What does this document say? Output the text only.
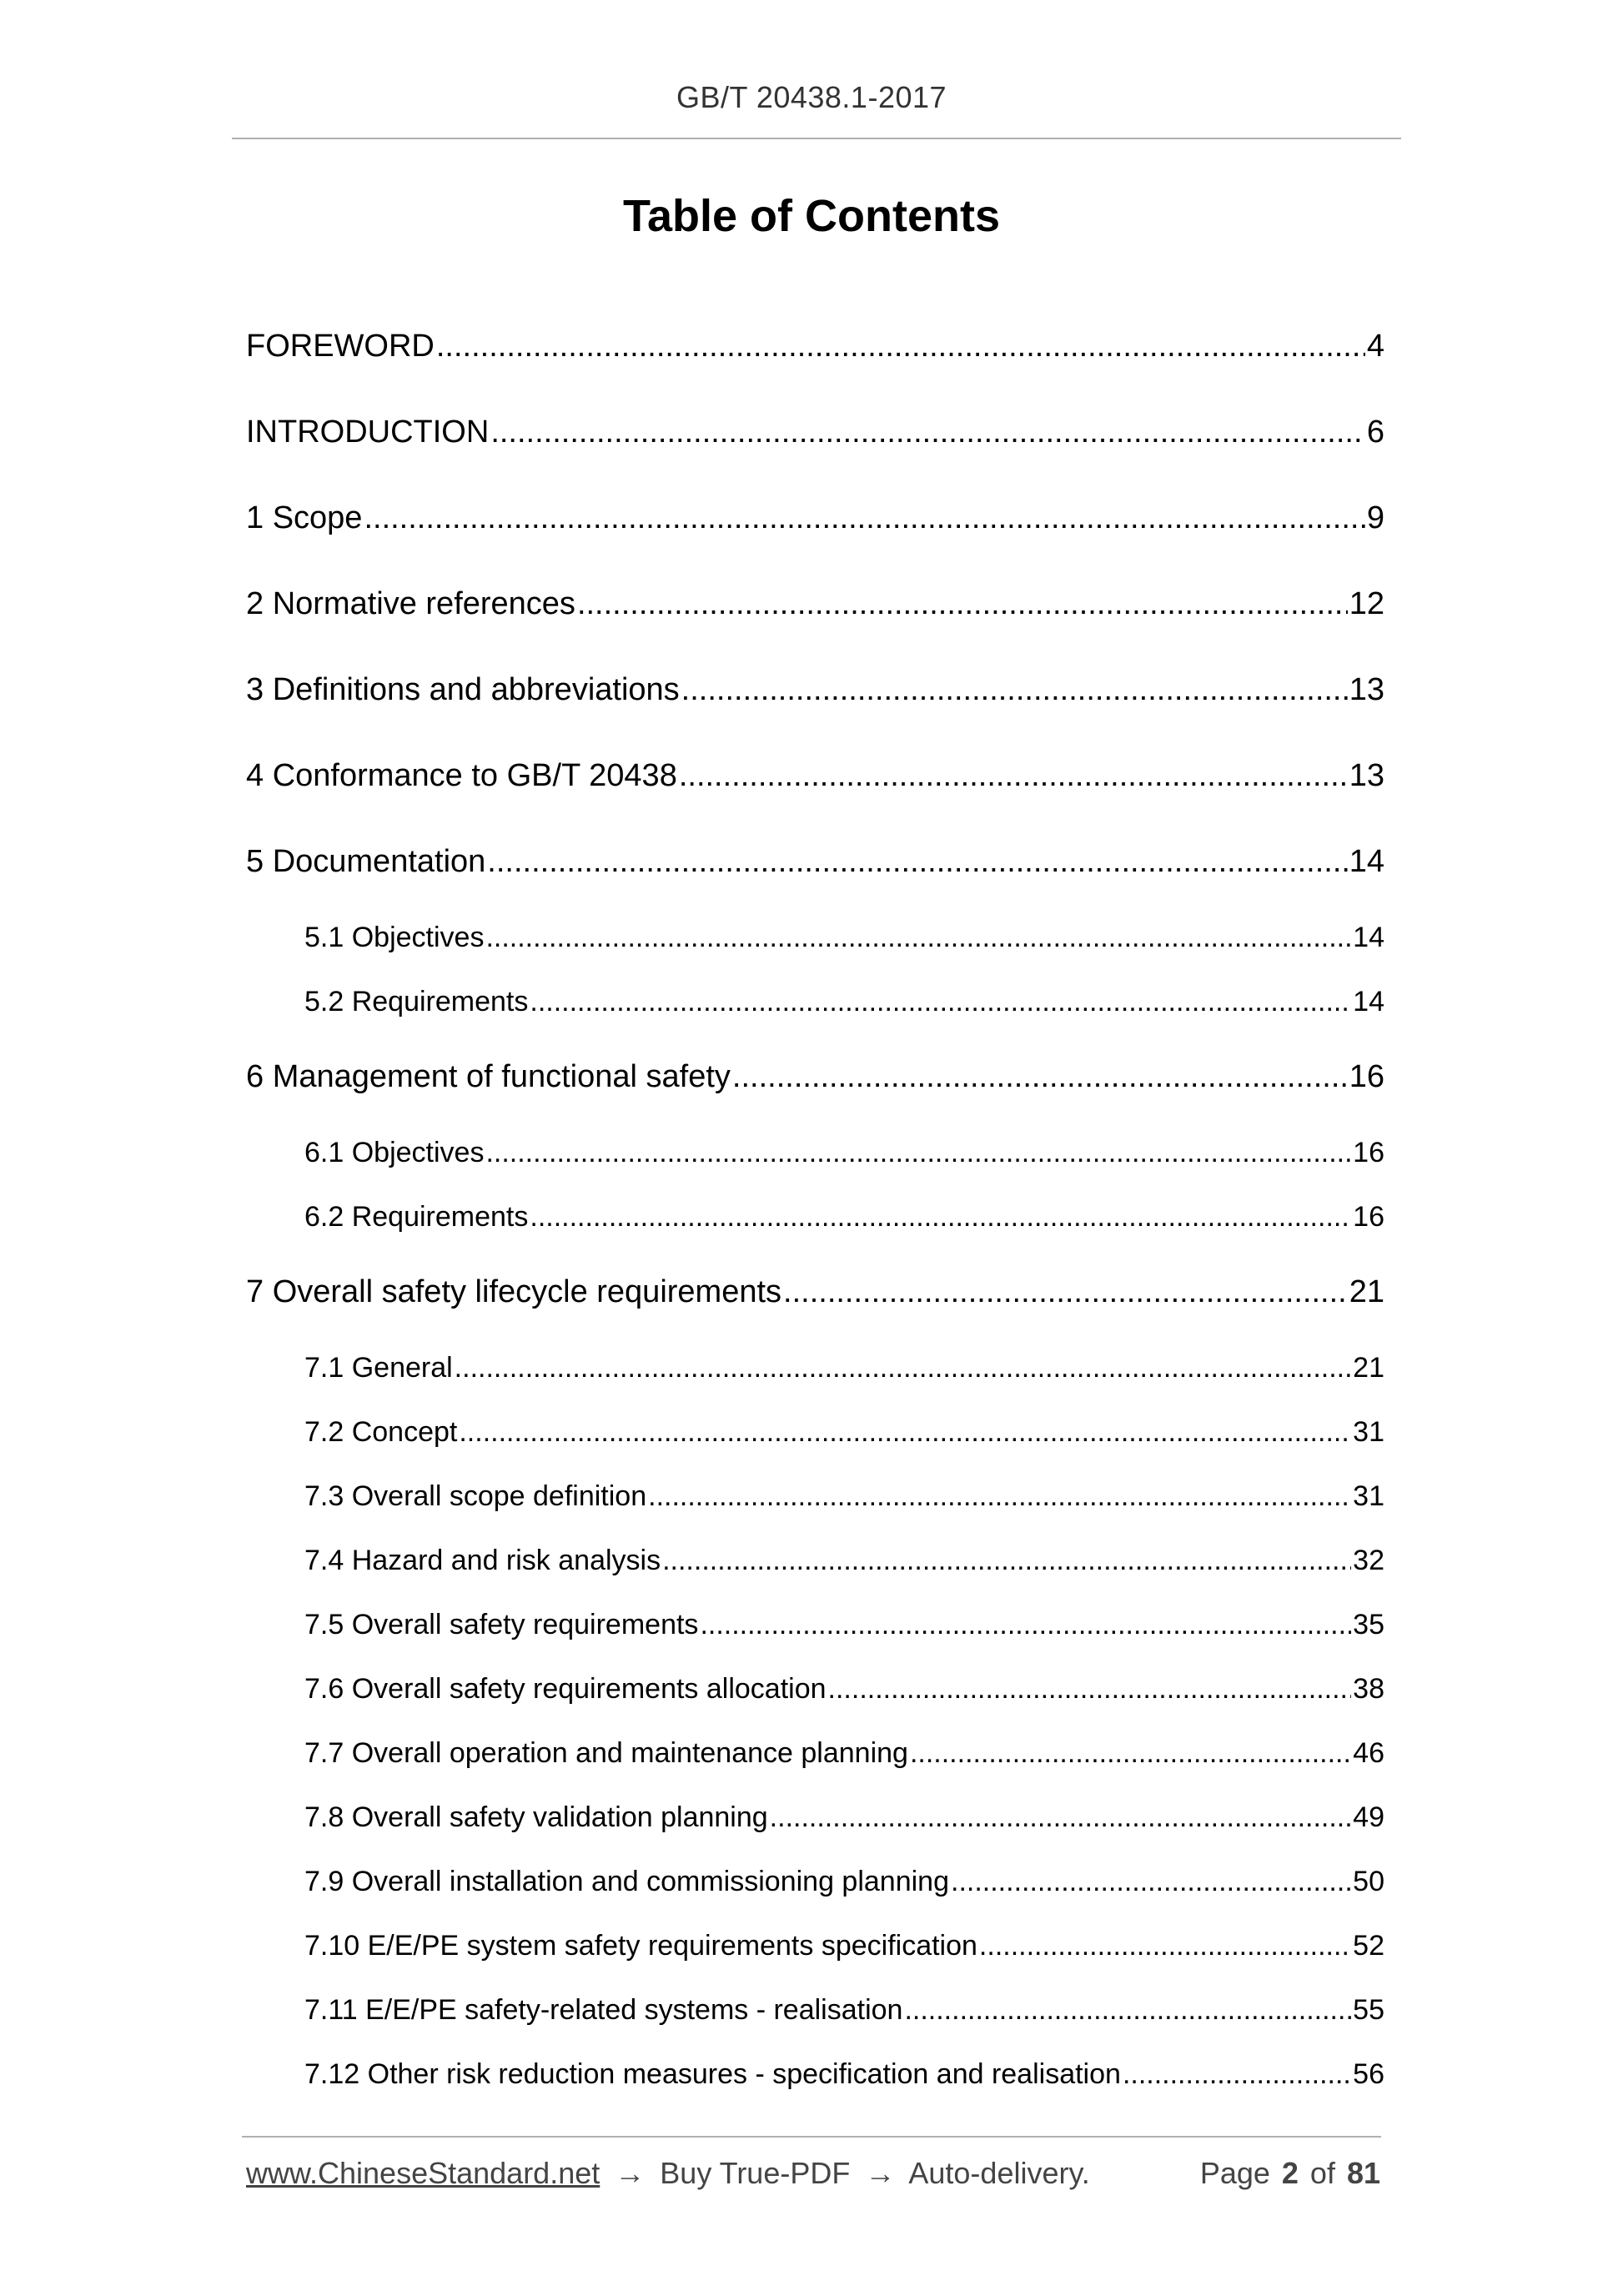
GB/T 20438.1-2017
Table of Contents
FOREWORD .....	4
INTRODUCTION .....	6
1 Scope .....	9
2 Normative references .....	12
3 Definitions and abbreviations .....	13
4 Conformance to GB/T 20438 .....	13
5 Documentation .....	14
5.1 Objectives .....	14
5.2 Requirements .....	14
6 Management of functional safety .....	16
6.1 Objectives .....	16
6.2 Requirements .....	16
7 Overall safety lifecycle requirements .....	21
7.1 General .....	21
7.2 Concept .....	31
7.3 Overall scope definition .....	31
7.4 Hazard and risk analysis .....	32
7.5 Overall safety requirements .....	35
7.6 Overall safety requirements allocation .....	38
7.7 Overall operation and maintenance planning .....	46
7.8 Overall safety validation planning .....	49
7.9 Overall installation and commissioning planning .....	50
7.10 E/E/PE system safety requirements specification .....	52
7.11 E/E/PE safety-related systems - realisation .....	55
7.12 Other risk reduction measures - specification and realisation .....	56
www.ChineseStandard.net → Buy True-PDF → Auto-delivery.	Page 2 of 81
